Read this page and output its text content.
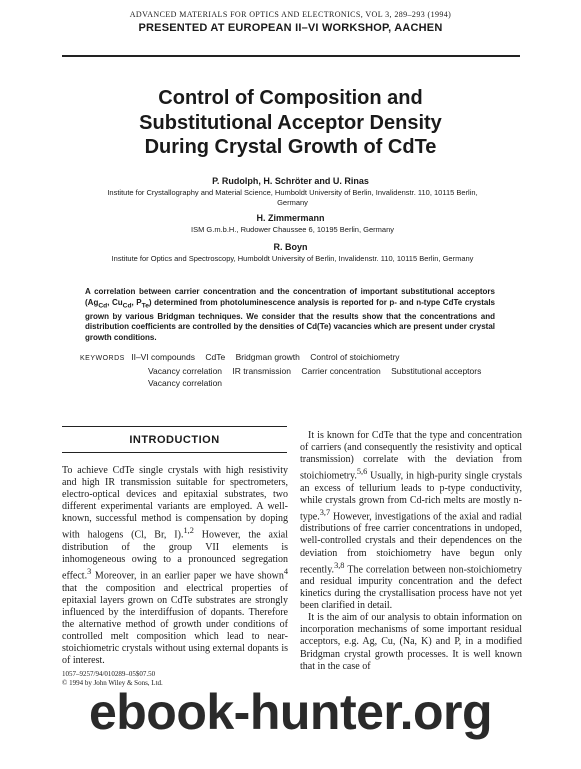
ADVANCED MATERIALS FOR OPTICS AND ELECTRONICS, VOL 3, 289–293 (1994)
PRESENTED AT EUROPEAN II–VI WORKSHOP, AACHEN
Control of Composition and
Substitutional Acceptor Density
During Crystal Growth of CdTe
P. Rudolph, H. Schröter and U. Rinas
Institute for Crystallography and Material Science, Humboldt University of Berlin, Invalidenstr. 110, 10115 Berlin, Germany
H. Zimmermann
ISM G.m.b.H., Rudower Chaussee 6, 10195 Berlin, Germany
R. Boyn
Institute for Optics and Spectroscopy, Humboldt University of Berlin, Invalidenstr. 110, 10115 Berlin, Germany
A correlation between carrier concentration and the concentration of important substitutional acceptors ($Ag_{Cd}$, $Cu_{Cd}$, $P_{Te}$) determined from photoluminescence analysis is reported for p- and n-type CdTe crystals grown by various Bridgman techniques. We consider that the results show that the concentrations and distribution coefficients are controlled by the densities of Cd(Te) vacancies which are present under crystal growth conditions.
KEYWORDS II–VI compounds CdTe Bridgman growth Control of stoichiometry
Vacancy correlation IR transmission Carrier concentration Substitutional acceptors
Vacancy correlation
INTRODUCTION

To achieve CdTe single crystals with high resistivity and high IR transmission suitable for spectrometers, electro-optical devices and epitaxial substrates, two different experimental variants are employed. A well-known, successful method is compensation by doping with halogens (Cl, Br, I).$^{1,2}$ However, the axial distribution of the group VII elements is inhomogeneous owing to a pronounced segregation effect.$^3$ Moreover, in an earlier paper we have shown$^4$ that the composition and electrical properties of epitaxial layers grown on CdTe substrates are strongly influenced by the interdiffusion of dopants. Therefore the alternative method of growth under conditions of controlled melt composition which lead to near-stoichiometric crystals without using external dopants is of interest.

It is known for CdTe that the type and concentration of carriers (and consequently the resistivity and optical transmission) correlate with the deviation from stoichiometry.$^{5,6}$ Usually, in high-purity single crystals an excess of tellurium leads to p-type conductivity, while crystals grown from Cd-rich melts are mostly n-type.$^{3,7}$ However, investigations of the axial and radial distributions of free carrier concentrations in undoped, well-controlled crystals and their dependences on the deviation from stoichiometry have begun only recently.$^{3,8}$ The correlation between non-stoichiometry and residual impurity concentration and the defect kinetics during the crystallisation process have not yet been clarified in detail.

It is the aim of our analysis to obtain information on incorporation mechanisms of some important residual acceptors, e.g. Ag, Cu, (Na, K) and P, in a modified Bridgman crystal growth processes. It is well known that in the case of

1057–9257/94/010289–05$07.50
© 1994 by John Wiley & Sons, Ltd.
ebook-hunter.org
